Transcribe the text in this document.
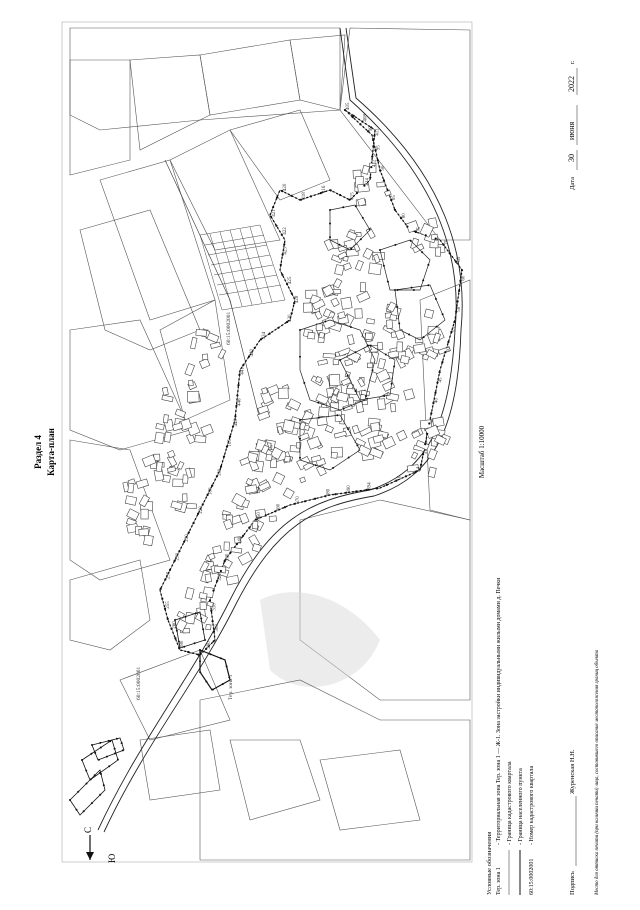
405
408
411
412
414
415
416
418
420
421
422
423
425
428
430
434
440
441
446
448
105
150
186
220
230
236
250
255
260
280	290
300
310
320
330
340
350
360
370
380	390	394
10
24
31
36
40
45
50
53
58
60
65
70
75
80
85
90
95
99
60:15:0002001
60:15:0002001
Тер. зона 1
С
Ю
Раздел 4 Карта-план	Масштаб 1:10000
Условные обозначения Тер. зона 1
- Территориальная зона Тер. зона 1 — Ж-1. Зона застройки индивидуальными жилыми домами д. Печки - Граница кадастрового квартала - Граница населенного пункта
60:15:0002001
- Номер кадастрового квартала
Подпись
Журенская Н.Н.
Дата
30
июня
2022
г.
Место для оттиска печати (при наличии печати) лица, составившего описание местоположения границ объекта
